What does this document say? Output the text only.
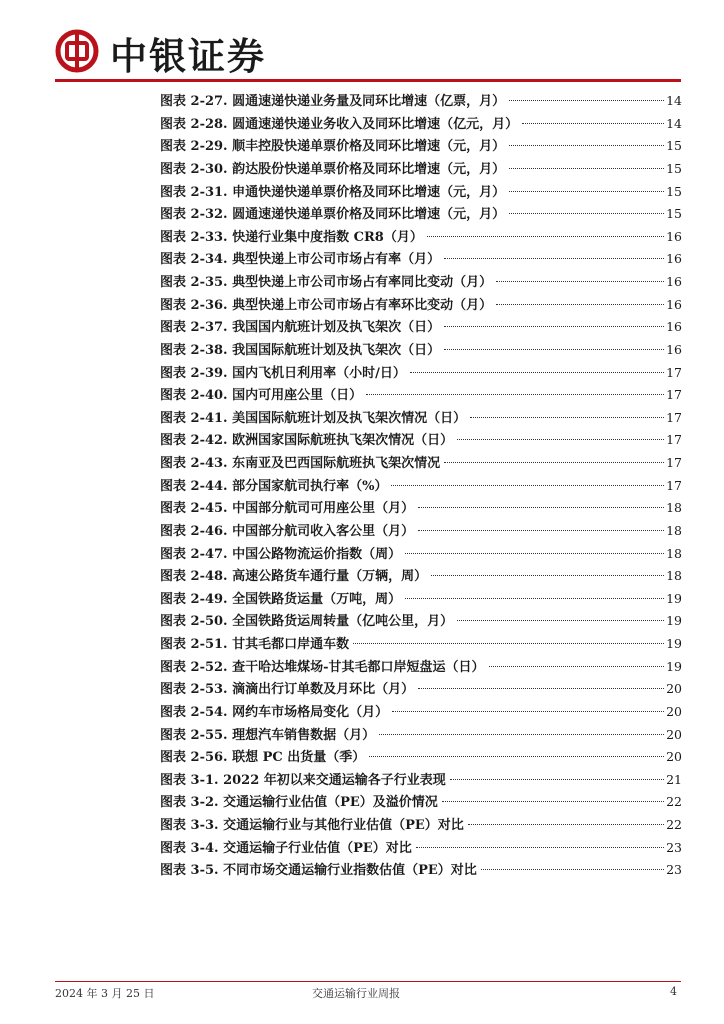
中银证券
图表 2-27. 圆通速递快递业务量及同环比增速（亿票，月）	14
图表 2-28. 圆通速递快递业务收入及同环比增速（亿元，月）	14
图表 2-29. 顺丰控股快递单票价格及同环比增速（元，月）	15
图表 2-30. 韵达股份快递单票价格及同环比增速（元，月）	15
图表 2-31. 申通快递快递单票价格及同环比增速（元，月）	15
图表 2-32. 圆通速递快递单票价格及同环比增速（元，月）	15
图表 2-33. 快递行业集中度指数 CR8（月）	16
图表 2-34. 典型快递上市公司市场占有率（月）	16
图表 2-35. 典型快递上市公司市场占有率同比变动（月）	16
图表 2-36. 典型快递上市公司市场占有率环比变动（月）	16
图表 2-37. 我国国内航班计划及执飞架次（日）	16
图表 2-38. 我国国际航班计划及执飞架次（日）	16
图表 2-39. 国内飞机日利用率（小时/日）	17
图表 2-40. 国内可用座公里（日）	17
图表 2-41. 美国国际航班计划及执飞架次情况（日）	17
图表 2-42. 欧洲国家国际航班执飞架次情况（日）	17
图表 2-43. 东南亚及巴西国际航班执飞架次情况	17
图表 2-44. 部分国家航司执行率（%）	17
图表 2-45. 中国部分航司可用座公里（月）	18
图表 2-46. 中国部分航司收入客公里（月）	18
图表 2-47. 中国公路物流运价指数（周）	18
图表 2-48. 高速公路货车通行量（万辆，周）	18
图表 2-49. 全国铁路货运量（万吨，周）	19
图表 2-50. 全国铁路货运周转量（亿吨公里，月）	19
图表 2-51. 甘其毛都口岸通车数	19
图表 2-52. 查干哈达堆煤场-甘其毛都口岸短盘运（日）	19
图表 2-53. 滴滴出行订单数及月环比（月）	20
图表 2-54. 网约车市场格局变化（月）	20
图表 2-55. 理想汽车销售数据（月）	20
图表 2-56. 联想 PC 出货量（季）	20
图表 3-1. 2022 年初以来交通运输各子行业表现	21
图表 3-2. 交通运输行业估值（PE）及溢价情况	22
图表 3-3. 交通运输行业与其他行业估值（PE）对比	22
图表 3-4. 交通运输子行业估值（PE）对比	23
图表 3-5. 不同市场交通运输行业指数估值（PE）对比	23
2024 年 3 月 25 日	交通运输行业周报	4
